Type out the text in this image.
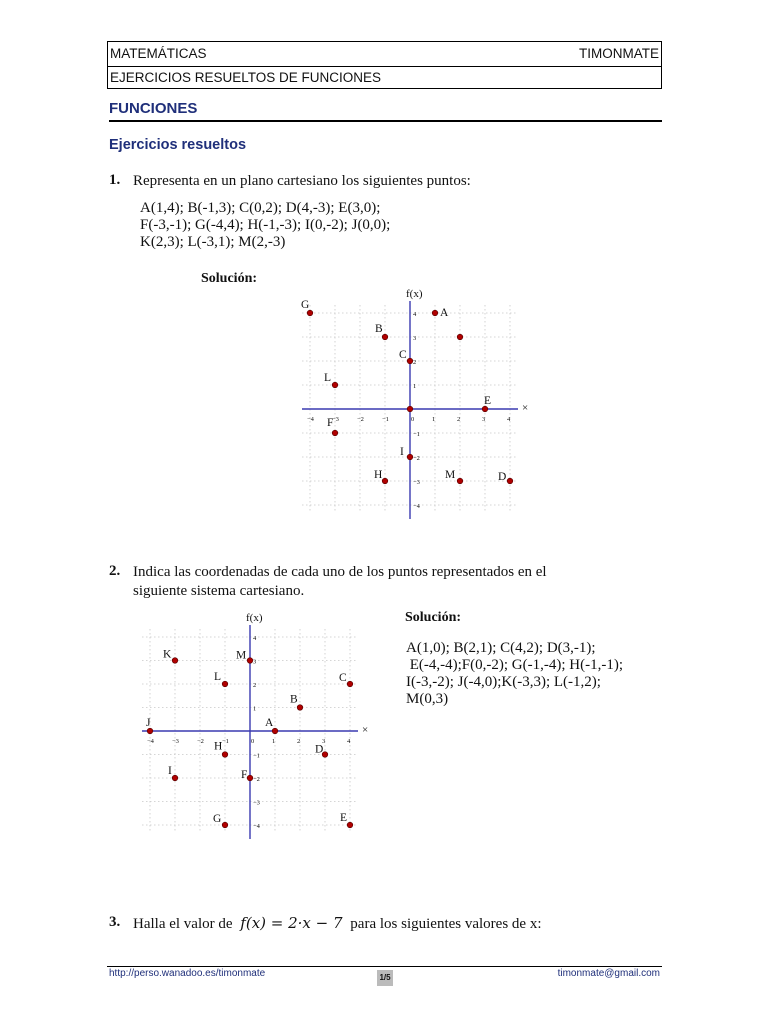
MATEMÁTICAS	TIMONMATE
EJERCICIOS RESUELTOS DE FUNCIONES
FUNCIONES
Ejercicios resueltos
1. Representa en un plano cartesiano los siguientes puntos:
A(1,4); B(-1,3); C(0,2); D(4,-3); E(3,0);
F(-3,-1); G(-4,4); H(-1,-3); I(0,-2); J(0,0);
K(2,3); L(-3,1); M(2,-3)
Solución:
×
f(x)
−4	−3	−2	−1	0	1	2	3	4
4
3
2
1
−1
−2
−3
−4
G
A
B
C
L
E
F
I
H	M	D
2. Indica las coordenadas de cada uno de los puntos representados en el
siguiente sistema cartesiano.
Solución:
A(1,0); B(2,1); C(4,2); D(3,-1);
E(-4,-4);F(0,-2); G(-1,-4); H(-1,-1);
I(-3,-2); J(-4,0);K(-3,3); L(-1,2);
M(0,3)
×
f(x)
−4	−3	−2	−1	0	1	2	3	4
4
3
2
1
−1
−2
−3
−4
K	M
L	C
B
J	A
H	D
I	F
G	E
3. Halla el valor de f(x) = 2·x − 7 para los siguientes valores de x:
http://perso.wanadoo.es/timonmate	1/5	timonmate@gmail.com
